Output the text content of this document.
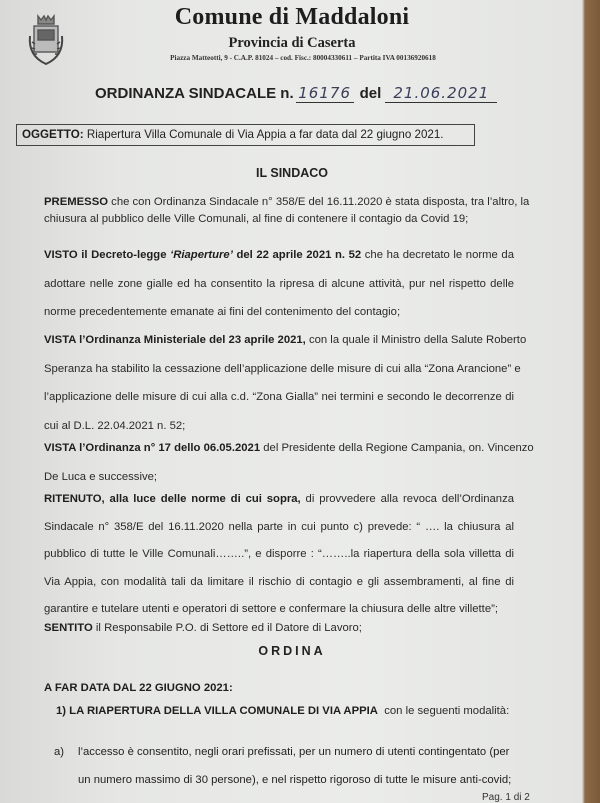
Comune di Maddaloni
Provincia di Caserta
Piazza Matteotti, 9 - C.A.P. 81024 – cod. Fisc.: 80004330611 – Partita IVA 00136920618
ORDINANZA SINDACALE n. 16176 del 21.06.2021
OGGETTO: Riapertura Villa Comunale di Via Appia a far data dal 22 giugno 2021.
IL SINDACO
PREMESSO che con Ordinanza Sindacale n° 358/E del 16.11.2020 è stata disposta, tra l’altro, la
chiusura al pubblico delle Ville Comunali, al fine di contenere il contagio da Covid 19;
VISTO il Decreto-legge ‘Riaperture’ del 22 aprile 2021 n. 52 che ha decretato le norme da
adottare nelle zone gialle ed ha consentito la ripresa di alcune attività, pur nel rispetto delle
norme precedentemente emanate ai fini del contenimento del contagio;
VISTA l’Ordinanza Ministeriale del 23 aprile 2021, con la quale il Ministro della Salute Roberto
Speranza ha stabilito la cessazione dell’applicazione delle misure di cui alla “Zona Arancione” e
l’applicazione delle misure di cui alla c.d. “Zona Gialla” nei termini e secondo le decorrenze di
cui al D.L. 22.04.2021 n. 52;
VISTA l’Ordinanza n° 17 dello 06.05.2021 del Presidente della Regione Campania, on. Vincenzo
De Luca e successive;
RITENUTO, alla luce delle norme di cui sopra, di provvedere alla revoca dell’Ordinanza
Sindacale n° 358/E del 16.11.2020 nella parte in cui punto c) prevede: “ …. la chiusura al
pubblico di tutte le Ville Comunali……..”, e disporre : “……..la riapertura della sola villetta di
Via Appia, con modalità tali da limitare il rischio di contagio e gli assembramenti, al fine di
garantire e tutelare utenti e operatori di settore e confermare la chiusura delle altre villette”;
SENTITO il Responsabile P.O. di Settore ed il Datore di Lavoro;
ORDINA
A FAR DATA DAL 22 GIUGNO 2021:
1) LA RIAPERTURA DELLA VILLA COMUNALE DI VIA APPIA con le seguenti modalità:
a)	l’accesso è consentito, negli orari prefissati, per un numero di utenti contingentato (per
un numero massimo di 30 persone), e nel rispetto rigoroso di tutte le misure anti-covid;
Pag. 1 di 2
